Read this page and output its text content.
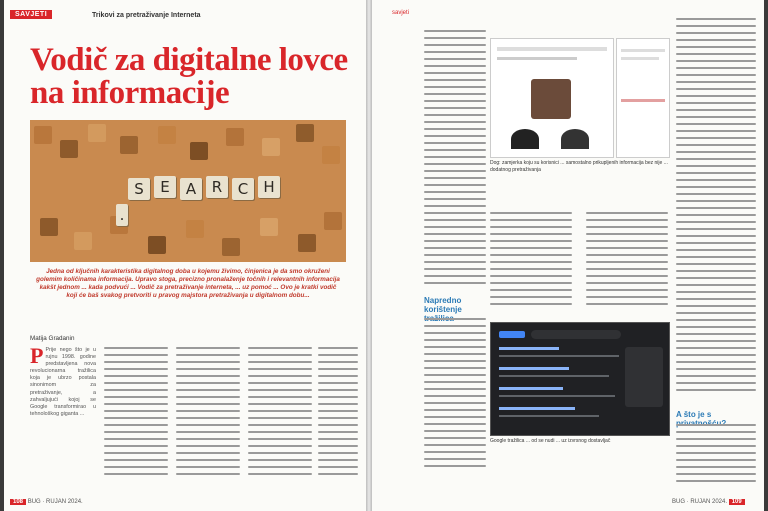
SAVJETI	Trikovi za pretraživanje Interneta
Vodič za digitalne lovce na informacije
S	E	A	R	C	H
.
Jedna od ključnih karakteristika digitalnog doba u kojemu živimo, činjenica je da smo okruženi golemim količinama informacija. Upravo stoga, precizno pronalaženje točnih i relevantnih informacija kakšt jednom ... kada podvući ... Vodič za pretraživanje interneta, ... uz pomoć ... Ovo je kratki vodič koji će baš svakog pretvoriti u pravog majstora pretraživanja u digitalnom dobu...
Matija Gradanin
P Prije nego što je u rujnu 1998. godine predstavljena nova revolucionarna tražilica koja je ubrzo postala sinonimom za pretraživanje, a zahvaljujući kojoj se Google transformirao u tehnološkog giganta ...
108 BUG · RUJAN 2024.
savjeti
Dog: zamjerka koju su korisnici ... samostalno prikupljenih informacija bez nije ... dodatnog pretraživanja
Napredno korištenje
Google tražilica ... od se nudi ... uz izvrsnog dostavljač
A što je s
BUG · RUJAN 2024. 109
